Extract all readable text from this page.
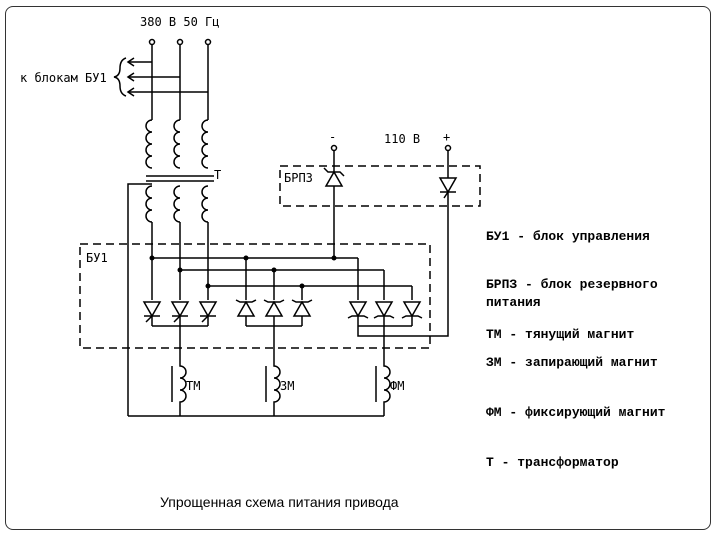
380 В 50 Гц
к блокам БУ1
Т
БУ1
БРПЗ
110 В
-	+
ТМ	ЗМ	ФМ
БУ1 - блок управления
БРПЗ - блок резервного питания
ТМ - тянущий магнит
ЗМ - запирающий магнит
ФМ - фиксирующий магнит
Т - трансформатор
Упрощенная схема питания привода
